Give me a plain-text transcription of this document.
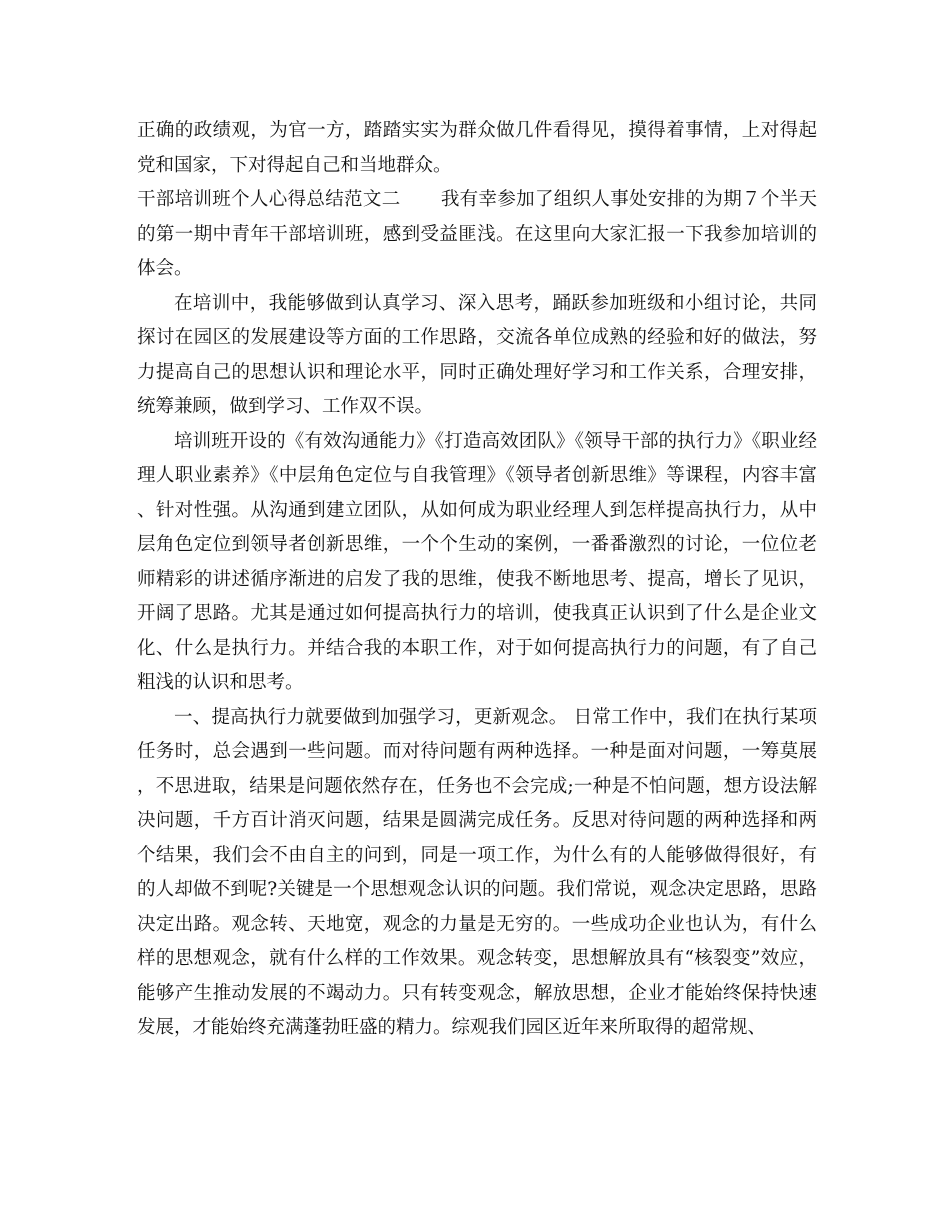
正确的政绩观，为官一方，踏踏实实为群众做几件看得见，摸得着事情，上对得起党和国家，下对得起自己和当地群众。

干部培训班个人心得总结范文二 我有幸参加了组织人事处安排的为期７个半天的第一期中青年干部培训班，感到受益匪浅。在这里向大家汇报一下我参加培训的体会。

在培训中，我能够做到认真学习、深入思考，踊跃参加班级和小组讨论，共同探讨在园区的发展建设等方面的工作思路，交流各单位成熟的经验和好的做法，努力提高自己的思想认识和理论水平，同时正确处理好学习和工作关系，合理安排，统筹兼顾，做到学习、工作双不误。

培训班开设的《有效沟通能力》《打造高效团队》《领导干部的执行力》《职业经理人职业素养》《中层角色定位与自我管理》《领导者创新思维》等课程，内容丰富、针对性强。从沟通到建立团队，从如何成为职业经理人到怎样提高执行力，从中层角色定位到领导者创新思维，一个个生动的案例，一番番激烈的讨论，一位位老师精彩的讲述循序渐进的启发了我的思维，使我不断地思考、提高，增长了见识，开阔了思路。尤其是通过如何提高执行力的培训，使我真正认识到了什么是企业文化、什么是执行力。并结合我的本职工作，对于如何提高执行力的问题，有了自己粗浅的认识和思考。

一、提高执行力就要做到加强学习，更新观念。 日常工作中，我们在执行某项任务时，总会遇到一些问题。而对待问题有两种选择。一种是面对问题，一筹莫展，不思进取，结果是问题依然存在，任务也不会完成;一种是不怕问题，想方设法解决问题，千方百计消灭问题，结果是圆满完成任务。反思对待问题的两种选择和两个结果，我们会不由自主的问到，同是一项工作，为什么有的人能够做得很好，有的人却做不到呢?关键是一个思想观念认识的问题。我们常说，观念决定思路，思路决定出路。观念转、天地宽，观念的力量是无穷的。一些成功企业也认为，有什么样的思想观念，就有什么样的工作效果。观念转变，思想解放具有“核裂变”效应，能够产生推动发展的不竭动力。只有转变观念，解放思想，企业才能始终保持快速发展，才能始终充满蓬勃旺盛的精力。综观我们园区近年来所取得的超常规、
